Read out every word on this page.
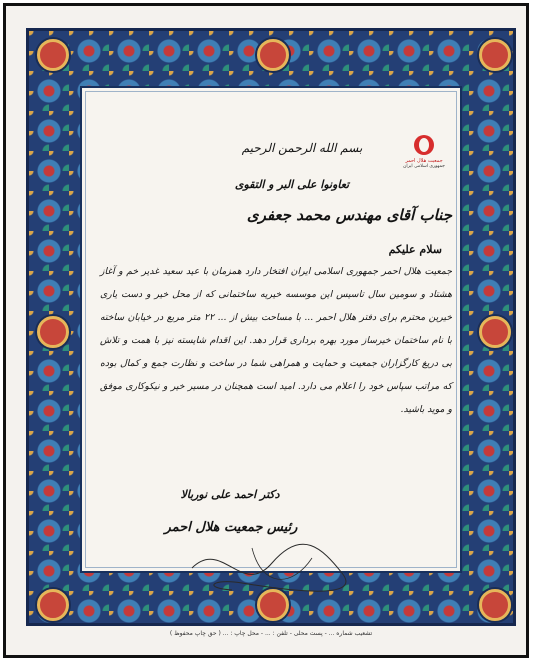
جمعیت هلال احمر
جمهوری اسلامی ایران
بسم الله الرحمن الرحیم
تعاونوا علی البر و التقوی
جناب آقای مهندس محمد جعفری
سلام علیکم
جمعیت هلال احمر جمهوری اسلامی ایران افتخار دارد همزمان با عید سعید غدیر خم و آغاز هشتاد و سومین سال تاسیس این موسسه خیریه ساختمانی که از محل خیر و دست یاری خیرین محترم برای دفتر هلال احمر ... با مساحت بیش از ... ۲۲ متر مربع در خیابان ساخته با نام ساختمان خیرساز مورد بهره برداری قرار دهد. این اقدام شایسته نیز با همت و تلاش بی دریغ کارگزاران جمعیت و حمایت و همراهی شما در ساخت و نظارت جمع و کمال بوده که مراتب سپاس خود را اعلام می دارد. امید است همچنان در مسیر خیر و نیکوکاری موفق و موید باشید.
دکتر احمد علی نوربالا
رئیس جمعیت هلال احمر
تشعیب شماره ... - پست محلی - تلفن : ... - محل چاپ : ... ( حق چاپ محفوظ )
